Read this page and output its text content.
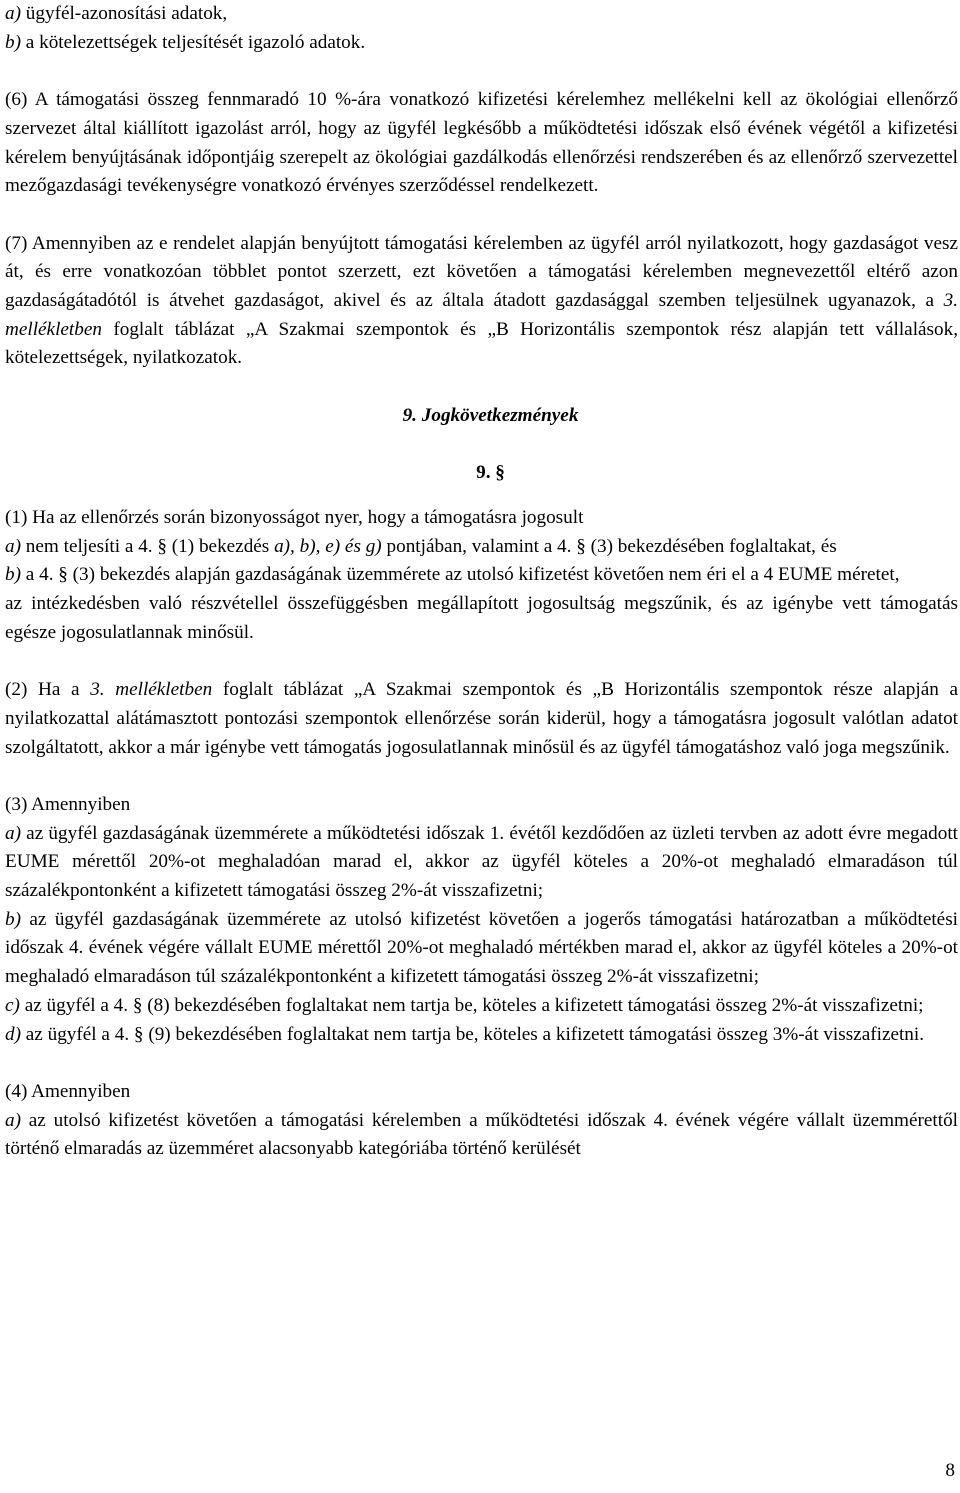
a) ügyfél-azonosítási adatok,

b) a kötelezettségek teljesítését igazoló adatok.

(6) A támogatási összeg fennmaradó 10 %-ára vonatkozó kifizetési kérelemhez mellékelni kell az ökológiai ellenőrző szervezet által kiállított igazolást arról, hogy az ügyfél legkésőbb a működtetési időszak első évének végétől a kifizetési kérelem benyújtásának időpontjáig szerepelt az ökológiai gazdálkodás ellenőrzési rendszerében és az ellenőrző szervezettel mezőgazdasági tevékenységre vonatkozó érvényes szerződéssel rendelkezett.

(7) Amennyiben az e rendelet alapján benyújtott támogatási kérelemben az ügyfél arról nyilatkozott, hogy gazdaságot vesz át, és erre vonatkozóan többlet pontot szerzett, ezt követően a támogatási kérelemben megnevezettől eltérő azon gazdaságátadótól is átvehet gazdaságot, akivel és az általa átadott gazdasággal szemben teljesülnek ugyanazok, a 3. mellékletben foglalt táblázat „A Szakmai szempontok és „B Horizontális szempontok rész alapján tett vállalások, kötelezettségek, nyilatkozatok.

9. Jogkövetkezmények

9. §

(1) Ha az ellenőrzés során bizonyosságot nyer, hogy a támogatásra jogosult

a) nem teljesíti a 4. § (1) bekezdés a), b), e) és g) pontjában, valamint a 4. § (3) bekezdésében foglaltakat, és

b) a 4. § (3) bekezdés alapján gazdaságának üzemmérete az utolsó kifizetést követően nem éri el a 4 EUME méretet,

az intézkedésben való részvétellel összefüggésben megállapított jogosultság megszűnik, és az igénybe vett támogatás egésze jogosulatlannak minősül.

(2) Ha a 3. mellékletben foglalt táblázat „A Szakmai szempontok és „B Horizontális szempontok része alapján a nyilatkozattal alátámasztott pontozási szempontok ellenőrzése során kiderül, hogy a támogatásra jogosult valótlan adatot szolgáltatott, akkor a már igénybe vett támogatás jogosulatlannak minősül és az ügyfél támogatáshoz való joga megszűnik.

(3) Amennyiben

a) az ügyfél gazdaságának üzemmérete a működtetési időszak 1. évétől kezdődően az üzleti tervben az adott évre megadott EUME mérettől 20%-ot meghaladóan marad el, akkor az ügyfél köteles a 20%-ot meghaladó elmaradáson túl százalékpontonként a kifizetett támogatási összeg 2%-át visszafizetni;

b) az ügyfél gazdaságának üzemmérete az utolsó kifizetést követően a jogerős támogatási határozatban a működtetési időszak 4. évének végére vállalt EUME mérettől 20%-ot meghaladó mértékben marad el, akkor az ügyfél köteles a 20%-ot meghaladó elmaradáson túl százalékpontonként a kifizetett támogatási összeg 2%-át visszafizetni;

c) az ügyfél a 4. § (8) bekezdésében foglaltakat nem tartja be, köteles a kifizetett támogatási összeg 2%-át visszafizetni;

d) az ügyfél a 4. § (9) bekezdésében foglaltakat nem tartja be, köteles a kifizetett támogatási összeg 3%-át visszafizetni.

(4) Amennyiben

a) az utolsó kifizetést követően a támogatási kérelemben a működtetési időszak 4. évének végére vállalt üzemmérettől történő elmaradás az üzemméret alacsonyabb kategóriába történő kerülését

8
